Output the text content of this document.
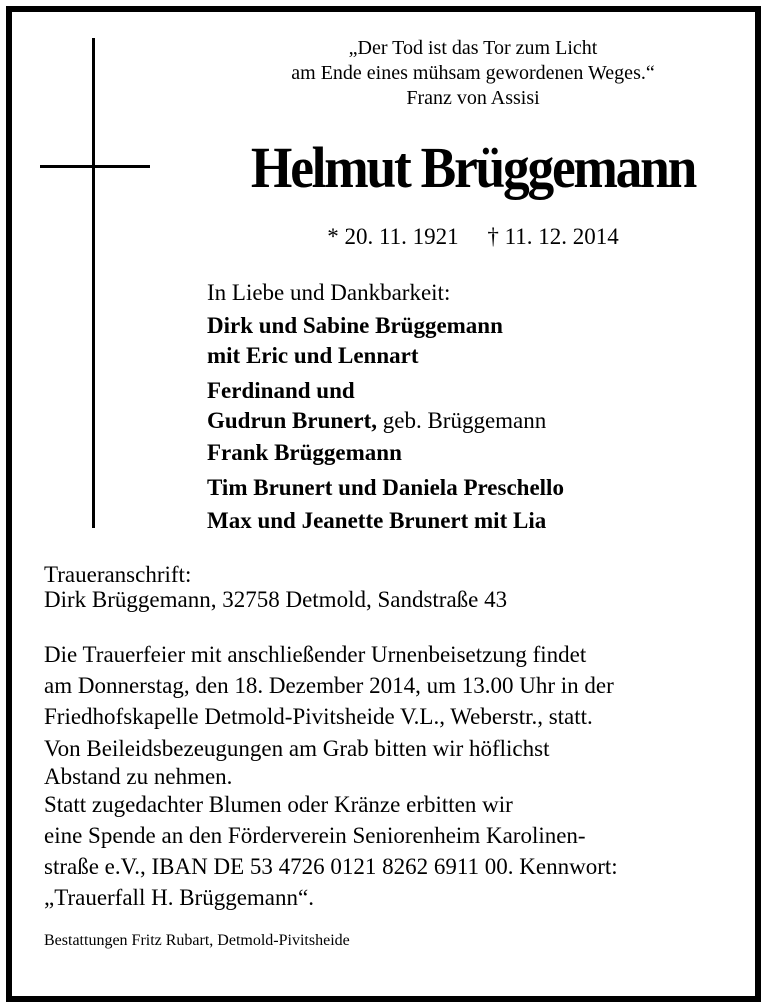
„Der Tod ist das Tor zum Licht
am Ende eines mühsam gewordenen Weges.“
Franz von Assisi
Helmut Brüggemann
* 20. 11. 1921     † 11. 12. 2014
In Liebe und Dankbarkeit:
Dirk und Sabine Brüggemann
mit Eric und Lennart
Ferdinand und
Gudrun Brunert, geb. Brüggemann
Frank Brüggemann
Tim Brunert und Daniela Preschello
Max und Jeanette Brunert mit Lia
Traueranschrift:
Dirk Brüggemann, 32758 Detmold, Sandstraße 43
Die Trauerfeier mit anschließender Urnenbeisetzung findet
am Donnerstag, den 18. Dezember 2014, um 13.00 Uhr in der
Friedhofskapelle Detmold-Pivitsheide V.L., Weberstr., statt.
Von Beileidsbezeugungen am Grab bitten wir höflichst
Abstand zu nehmen.
Statt zugedachter Blumen oder Kränze erbitten wir
eine Spende an den Förderverein Seniorenheim Karolinen-
straße e.V., IBAN DE 53 4726 0121 8262 6911 00. Kennwort:
„Trauerfall H. Brüggemann“.
Bestattungen Fritz Rubart, Detmold-Pivitsheide
